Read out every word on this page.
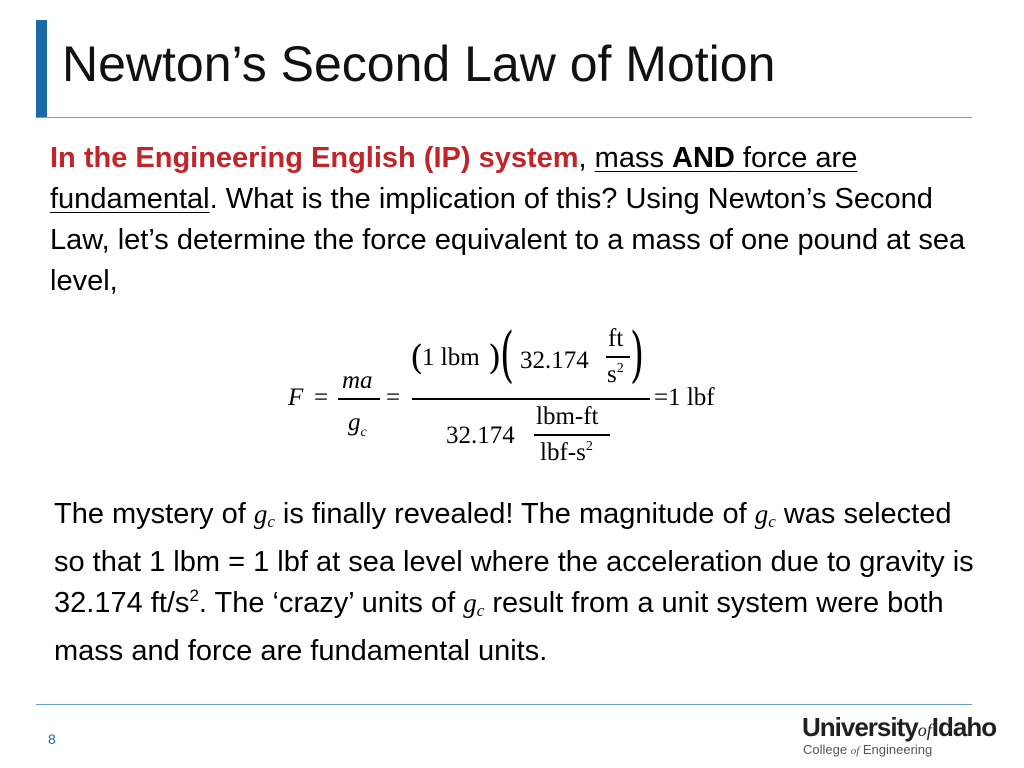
Newton’s Second Law of Motion
In the Engineering English (IP) system, mass AND force are fundamental. What is the implication of this? Using Newton’s Second Law, let’s determine the force equivalent to a mass of one pound at sea level,
F =
ma
$g_c$
=
(
1 lbm )
( 32.174
ft
$s^2$ )
32.174
lbm-ft
lbf-$s^2$
=1 lbf
The mystery of $g_c$ is finally revealed! The magnitude of $g_c$ was selected so that 1 lbm = 1 lbf at sea level where the acceleration due to gravity is 32.174 $ft/s^2$. The ‘crazy’ units of $g_c$ result from a unit system were both mass and force are fundamental units.
8	UniversityofIdaho
College of Engineering
